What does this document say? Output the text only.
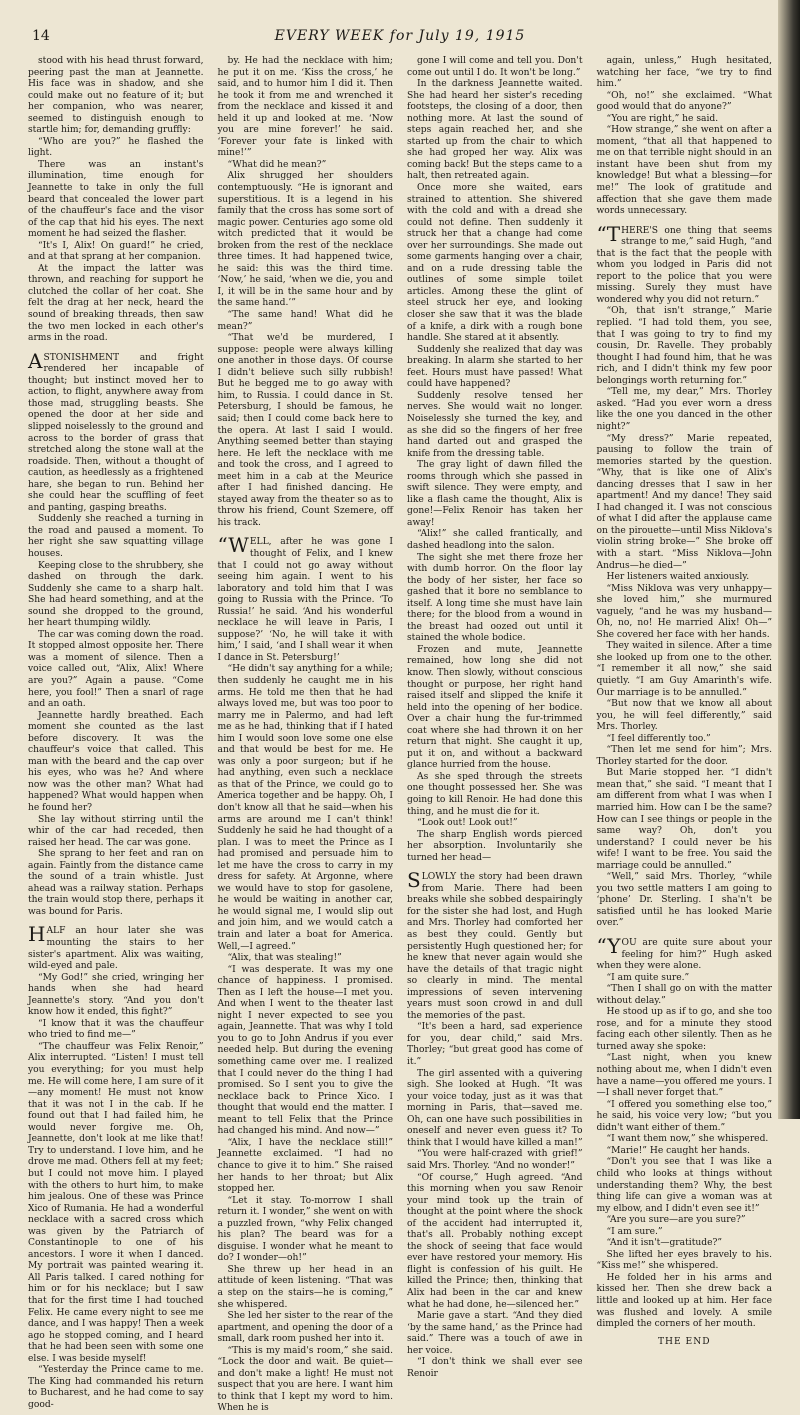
14	EVERY WEEK for July 19, 1915

stood with his head thrust forward, peering past the man at Jeannette. His face was in shadow, and she could make out no feature of it; but her companion, who was nearer, seemed to distinguish enough to startle him; for, demanding gruffly:

“Who are you?” he flashed the light.

There was an instant's illumination, time enough for Jeannette to take in only the full beard that concealed the lower part of the chauffeur's face and the visor of the cap that hid his eyes. The next moment he had seized the flasher.

“It's I, Alix! On guard!” he cried, and at that sprang at her companion.

At the impact the latter was thrown, and reaching for support he clutched the collar of her coat. She felt the drag at her neck, heard the sound of breaking threads, then saw the two men locked in each other's arms in the road.

ASTONISHMENT and fright rendered her incapable of thought; but instinct moved her to action, to flight, anywhere away from those mad, struggling beasts. She opened the door at her side and slipped noiselessly to the ground and across to the border of grass that stretched along the stone wall at the roadside. Then, without a thought of caution, as heedlessly as a frightened hare, she began to run. Behind her she could hear the scuffling of feet and panting, gasping breaths.

Suddenly she reached a turning in the road and paused a moment. To her right she saw squatting village houses.

Keeping close to the shrubbery, she dashed on through the dark. Suddenly she came to a sharp halt. She had heard something, and at the sound she dropped to the ground, her heart thumping wildly.

The car was coming down the road. It stopped almost opposite her. There was a moment of silence. Then a voice called out, “Alix, Alix! Where are you?” Again a pause. “Come here, you fool!” Then a snarl of rage and an oath.

Jeannette hardly breathed. Each moment she counted as the last before discovery. It was the chauffeur's voice that called. This man with the beard and the cap over his eyes, who was he? And where now was the other man? What had happened? What would happen when he found her?

She lay without stirring until the whir of the car had receded, then raised her head. The car was gone.

She sprang to her feet and ran on again. Faintly from the distance came the sound of a train whistle. Just ahead was a railway station. Perhaps the train would stop there, perhaps it was bound for Paris.

HALF an hour later she was mounting the stairs to her sister's apartment. Alix was waiting, wild-eyed and pale.

“My God!” she cried, wringing her hands when she had heard Jeannette's story. “And you don't know how it ended, this fight?”

“I know that it was the chauffeur who tried to find me—”

“The chauffeur was Felix Renoir,” Alix interrupted. “Listen! I must tell you everything; for you must help me. He will come here, I am sure of it—any moment! He must not know that it was not I in the cab. If he found out that I had failed him, he would never forgive me. Oh, Jeannette, don't look at me like that! Try to understand. I love him, and he drove me mad. Others fell at my feet; but I could not move him. I played with the others to hurt him, to make him jealous. One of these was Prince Xico of Rumania. He had a wonderful necklace with a sacred cross which was given by the Patriarch of Constantinople to one of his ancestors. I wore it when I danced. My portrait was painted wearing it. All Paris talked. I cared nothing for him or for his necklace; but I saw that for the first time I had touched Felix. He came every night to see me dance, and I was happy! Then a week ago he stopped coming, and I heard that he had been seen with some one else. I was beside myself!

“Yesterday the Prince came to me. The King had commanded his return to Bucharest, and he had come to say good-

by. He had the necklace with him; he put it on me. ‘Kiss the cross,’ he said, and to humor him I did it. Then he took it from me and wrenched it from the necklace and kissed it and held it up and looked at me. ‘Now you are mine forever!’ he said. ‘Forever your fate is linked with mine!’”

“What did he mean?”

Alix shrugged her shoulders contemptuously. “He is ignorant and superstitious. It is a legend in his family that the cross has some sort of magic power. Centuries ago some old witch predicted that it would be broken from the rest of the necklace three times. It had happened twice, he said: this was the third time. ‘Now,’ he said, ‘when we die, you and I, it will be in the same hour and by the same hand.’”

“The same hand! What did he mean?”

“That we'd be murdered, I suppose: people were always killing one another in those days. Of course I didn't believe such silly rubbish! But he begged me to go away with him, to Russia. I could dance in St. Petersburg, I should be famous, he said; then I could come back here to the opera. At last I said I would. Anything seemed better than staying here. He left the necklace with me and took the cross, and I agreed to meet him in a cab at the Meurice after I had finished dancing. He stayed away from the theater so as to throw his friend, Count Szemere, off his track.

“WELL, after he was gone I thought of Felix, and I knew that I could not go away without seeing him again. I went to his laboratory and told him that I was going to Russia with the Prince. ‘To Russia!’ he said. ‘And his wonderful necklace he will leave in Paris, I suppose?’ ‘No, he will take it with him,’ I said, ‘and I shall wear it when I dance in St. Petersburg!’

“He didn't say anything for a while; then suddenly he caught me in his arms. He told me then that he had always loved me, but was too poor to marry me in Palermo, and had left me as he had, thinking that if I hated him I would soon love some one else and that would be best for me. He was only a poor surgeon; but if he had anything, even such a necklace as that of the Prince, we could go to America together and be happy. Oh, I don't know all that he said—when his arms are around me I can't think! Suddenly he said he had thought of a plan. I was to meet the Prince as I had promised and persuade him to let me have the cross to carry in my dress for safety. At Argonne, where we would have to stop for gasolene, he would be waiting in another car, he would signal me, I would slip out and join him, and we would catch a train and later a boat for America. Well,—I agreed.”

“Alix, that was stealing!”

“I was desperate. It was my one chance of happiness. I promised. Then as I left the house—I met you. And when I went to the theater last night I never expected to see you again, Jeannette. That was why I told you to go to John Andrus if you ever needed help. But during the evening something came over me. I realized that I could never do the thing I had promised. So I sent you to give the necklace back to Prince Xico. I thought that would end the matter. I meant to tell Felix that the Prince had changed his mind. And now—”

“Alix, I have the necklace still!” Jeannette exclaimed. “I had no chance to give it to him.” She raised her hands to her throat; but Alix stopped her.

“Let it stay. To-morrow I shall return it. I wonder,” she went on with a puzzled frown, “why Felix changed his plan? The beard was for a disguise. I wonder what he meant to do? I wonder—oh!”

She threw up her head in an attitude of keen listening. “That was a step on the stairs—he is coming,” she whispered.

She led her sister to the rear of the apartment, and opening the door of a small, dark room pushed her into it.

“This is my maid's room,” she said. “Lock the door and wait. Be quiet—and don't make a light! He must not suspect that you are here. I want him to think that I kept my word to him. When he is

gone I will come and tell you. Don't come out until I do. It won't be long.”

In the darkness Jeannette waited. She had heard her sister's receding footsteps, the closing of a door, then nothing more. At last the sound of steps again reached her, and she started up from the chair to which she had groped her way. Alix was coming back! But the steps came to a halt, then retreated again.

Once more she waited, ears strained to attention. She shivered with the cold and with a dread she could not define. Then suddenly it struck her that a change had come over her surroundings. She made out some garments hanging over a chair, and on a rude dressing table the outlines of some simple toilet articles. Among these the glint of steel struck her eye, and looking closer she saw that it was the blade of a knife, a dirk with a rough bone handle. She stared at it absently.

Suddenly she realized that day was breaking. In alarm she started to her feet. Hours must have passed! What could have happened?

Suddenly resolve tensed her nerves. She would wait no longer. Noiselessly she turned the key, and as she did so the fingers of her free hand darted out and grasped the knife from the dressing table.

The gray light of dawn filled the rooms through which she passed in swift silence. They were empty, and like a flash came the thought, Alix is gone!—Felix Renoir has taken her away!

“Alix!” she called frantically, and dashed headlong into the salon.

The sight she met there froze her with dumb horror. On the floor lay the body of her sister, her face so gashed that it bore no semblance to itself. A long time she must have lain there; for the blood from a wound in the breast had oozed out until it stained the whole bodice.

Frozen and mute, Jeannette remained, how long she did not know. Then slowly, without conscious thought or purpose, her right hand raised itself and slipped the knife it held into the opening of her bodice. Over a chair hung the fur-trimmed coat where she had thrown it on her return that night. She caught it up, put it on, and without a backward glance hurried from the house.

As she sped through the streets one thought possessed her. She was going to kill Renoir. He had done this thing, and he must die for it.

“Look out! Look out!”

The sharp English words pierced her absorption. Involuntarily she turned her head—

SLOWLY the story had been drawn from Marie. There had been breaks while she sobbed despairingly for the sister she had lost, and Hugh and Mrs. Thorley had comforted her as best they could. Gently but persistently Hugh questioned her; for he knew that never again would she have the details of that tragic night so clearly in mind. The mental impressions of seven intervening years must soon crowd in and dull the memories of the past.

“It's been a hard, sad experience for you, dear child,” said Mrs. Thorley; “but great good has come of it.”

The girl assented with a quivering sigh. She looked at Hugh. “It was your voice today, just as it was that morning in Paris, that—saved me. Oh, can one have such possibilities in oneself and never even guess it? To think that I would have killed a man!”

“You were half-crazed with grief!” said Mrs. Thorley. “And no wonder!”

“Of course,” Hugh agreed. “And this morning when you saw Renoir your mind took up the train of thought at the point where the shock of the accident had interrupted it, that's all. Probably nothing except the shock of seeing that face would ever have restored your memory. His flight is confession of his guilt. He killed the Prince; then, thinking that Alix had been in the car and knew what he had done, he—silenced her.”

Marie gave a start. “And they died ‘by the same hand,’ as the Prince had said.” There was a touch of awe in her voice.

“I don't think we shall ever see Renoir

again, unless,” Hugh hesitated, watching her face, “we try to find him.”

“Oh, no!” she exclaimed. “What good would that do anyone?”

“You are right,” he said.

“How strange,” she went on after a moment, “that all that happened to me on that terrible night should in an instant have been shut from my knowledge! But what a blessing—for me!” The look of gratitude and affection that she gave them made words unnecessary.

“THERE'S one thing that seems strange to me,” said Hugh, “and that is the fact that the people with whom you lodged in Paris did not report to the police that you were missing. Surely they must have wondered why you did not return.”

“Oh, that isn't strange,” Marie replied. “I had told them, you see, that I was going to try to find my cousin, Dr. Ravelle. They probably thought I had found him, that he was rich, and I didn't think my few poor belongings worth returning for.”

“Tell me, my dear,” Mrs. Thorley asked. “Had you ever worn a dress like the one you danced in the other night?”

“My dress?” Marie repeated, pausing to follow the train of memories started by the question. “Why, that is like one of Alix's dancing dresses that I saw in her apartment! And my dance! They said I had changed it. I was not conscious of what I did after the applause came on the pirouette—until Miss Niklova's violin string broke—” She broke off with a start. “Miss Niklova—John Andrus—he died—”

Her listeners waited anxiously.

“Miss Niklova was very unhappy—she loved him,” she murmured vaguely, “and he was my husband— Oh, no, no! He married Alix! Oh—” She covered her face with her hands.

They waited in silence. After a time she looked up from one to the other. “I remember it all now,” she said quietly. “I am Guy Amarinth's wife. Our marriage is to be annulled.”

“But now that we know all about you, he will feel differently,” said Mrs. Thorley.

“I feel differently too.”

“Then let me send for him”; Mrs. Thorley started for the door.

But Marie stopped her. “I didn't mean that,” she said. “I meant that I am different from what I was when I married him. How can I be the same? How can I see things or people in the same way? Oh, don't you understand? I could never be his wife! I want to be free. You said the marriage could be annulled.”

“Well,” said Mrs. Thorley, “while you two settle matters I am going to ‘phone’ Dr. Sterling. I sha'n't be satisfied until he has looked Marie over.”

“YOU are quite sure about your feeling for him?” Hugh asked when they were alone.

“I am quite sure.”

“Then I shall go on with the matter without delay.”

He stood up as if to go, and she too rose, and for a minute they stood facing each other silently. Then as he turned away she spoke:

“Last night, when you knew nothing about me, when I didn't even have a name—you offered me yours. I—I shall never forget that.”

“I offered you something else too,” he said, his voice very low; “but you didn't want either of them.”

“I want them now,” she whispered.

“Marie!” He caught her hands.

“Don't you see that I was like a child who looks at things without understanding them? Why, the best thing life can give a woman was at my elbow, and I didn't even see it!”

“Are you sure—are you sure?”

“I am sure.”

“And it isn't—gratitude?”

She lifted her eyes bravely to his. “Kiss me!” she whispered.

He folded her in his arms and kissed her. Then she drew back a little and looked up at him. Her face was flushed and lovely. A smile dimpled the corners of her mouth.

THE END
